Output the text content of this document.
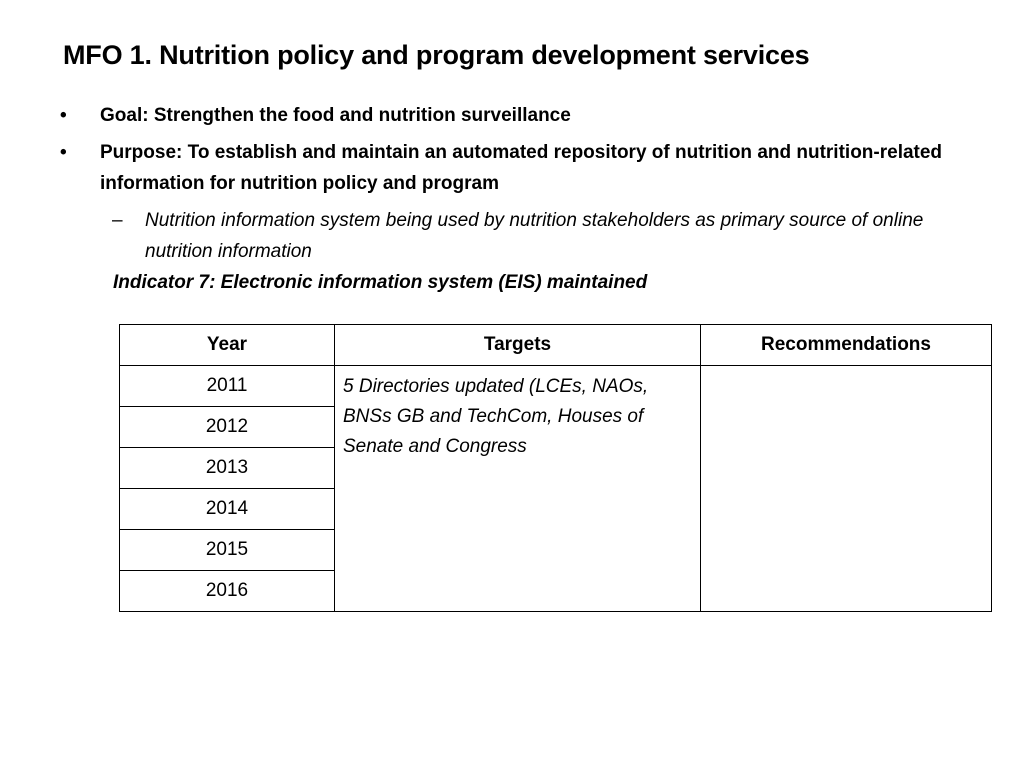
MFO 1. Nutrition policy and program development services
•	Goal: Strengthen the food and nutrition surveillance
•	Purpose: To establish and maintain an automated repository of nutrition and nutrition-related information for nutrition policy and program
– Nutrition information system being used by nutrition stakeholders as primary source of online nutrition information
Indicator 7: Electronic information system (EIS) maintained
Year	Targets	Recommendations
2011	5 Directories updated (LCEs, NAOs, BNSs GB and TechCom, Houses of Senate and Congress	
2012		
2013		
2014		
2015		
2016		
